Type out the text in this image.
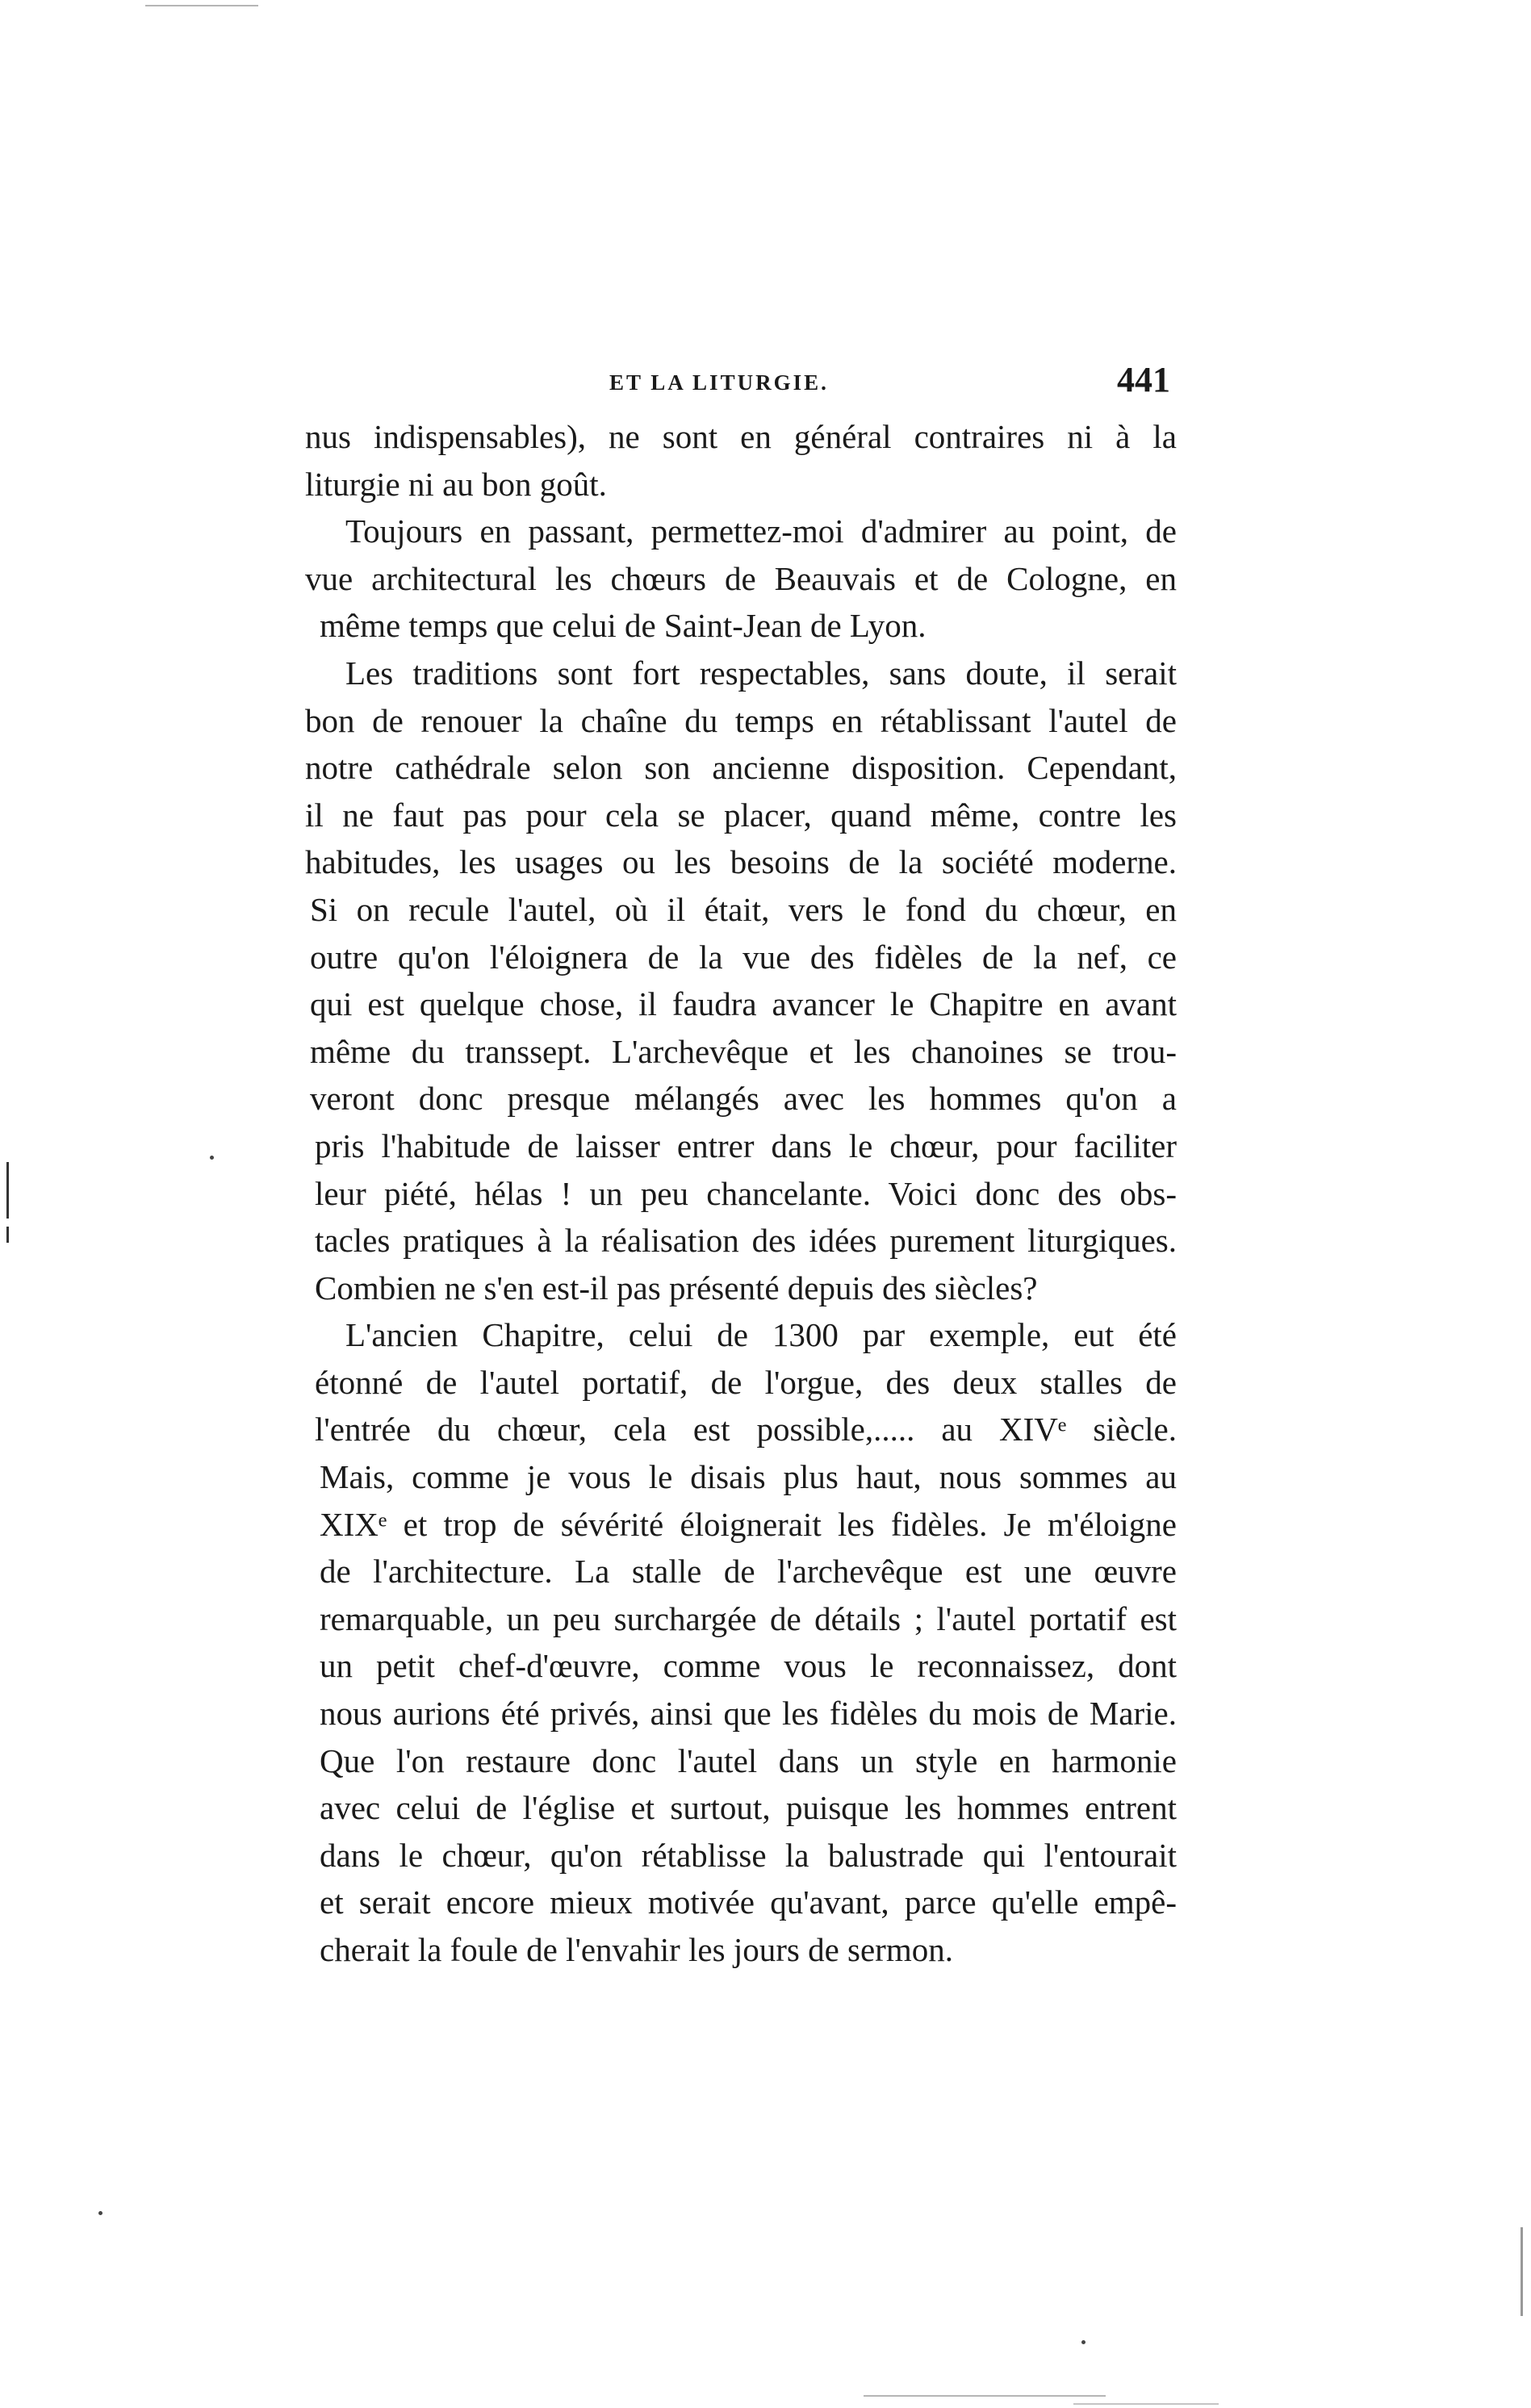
ET LA LITURGIE.	441
nus indispensables), ne sont en général contraires ni à la
liturgie ni au bon goût.
Toujours en passant, permettez-moi d'admirer au point, de
vue architectural les chœurs de Beauvais et de Cologne, en
même temps que celui de Saint-Jean de Lyon.
Les traditions sont fort respectables, sans doute, il serait
bon de renouer la chaîne du temps en rétablissant l'autel de
notre cathédrale selon son ancienne disposition. Cependant,
il ne faut pas pour cela se placer, quand même, contre les
habitudes, les usages ou les besoins de la société moderne.
Si on recule l'autel, où il était, vers le fond du chœur, en
outre qu'on l'éloignera de la vue des fidèles de la nef, ce
qui est quelque chose, il faudra avancer le Chapitre en avant
même du transsept. L'archevêque et les chanoines se trou-
veront donc presque mélangés avec les hommes qu'on a
pris l'habitude de laisser entrer dans le chœur, pour faciliter
leur piété, hélas ! un peu chancelante. Voici donc des obs-
tacles pratiques à la réalisation des idées purement liturgiques.
Combien ne s'en est-il pas présenté depuis des siècles?
L'ancien Chapitre, celui de 1300 par exemple, eut été
étonné de l'autel portatif, de l'orgue, des deux stalles de
l'entrée du chœur, cela est possible,..... au XIVᵉ siècle.
Mais, comme je vous le disais plus haut, nous sommes au
XIXᵉ et trop de sévérité éloignerait les fidèles. Je m'éloigne
de l'architecture. La stalle de l'archevêque est une œuvre
remarquable, un peu surchargée de détails ; l'autel portatif est
un petit chef-d'œuvre, comme vous le reconnaissez, dont
nous aurions été privés, ainsi que les fidèles du mois de Marie.
Que l'on restaure donc l'autel dans un style en harmonie
avec celui de l'église et surtout, puisque les hommes entrent
dans le chœur, qu'on rétablisse la balustrade qui l'entourait
et serait encore mieux motivée qu'avant, parce qu'elle empê-
cherait la foule de l'envahir les jours de sermon.
